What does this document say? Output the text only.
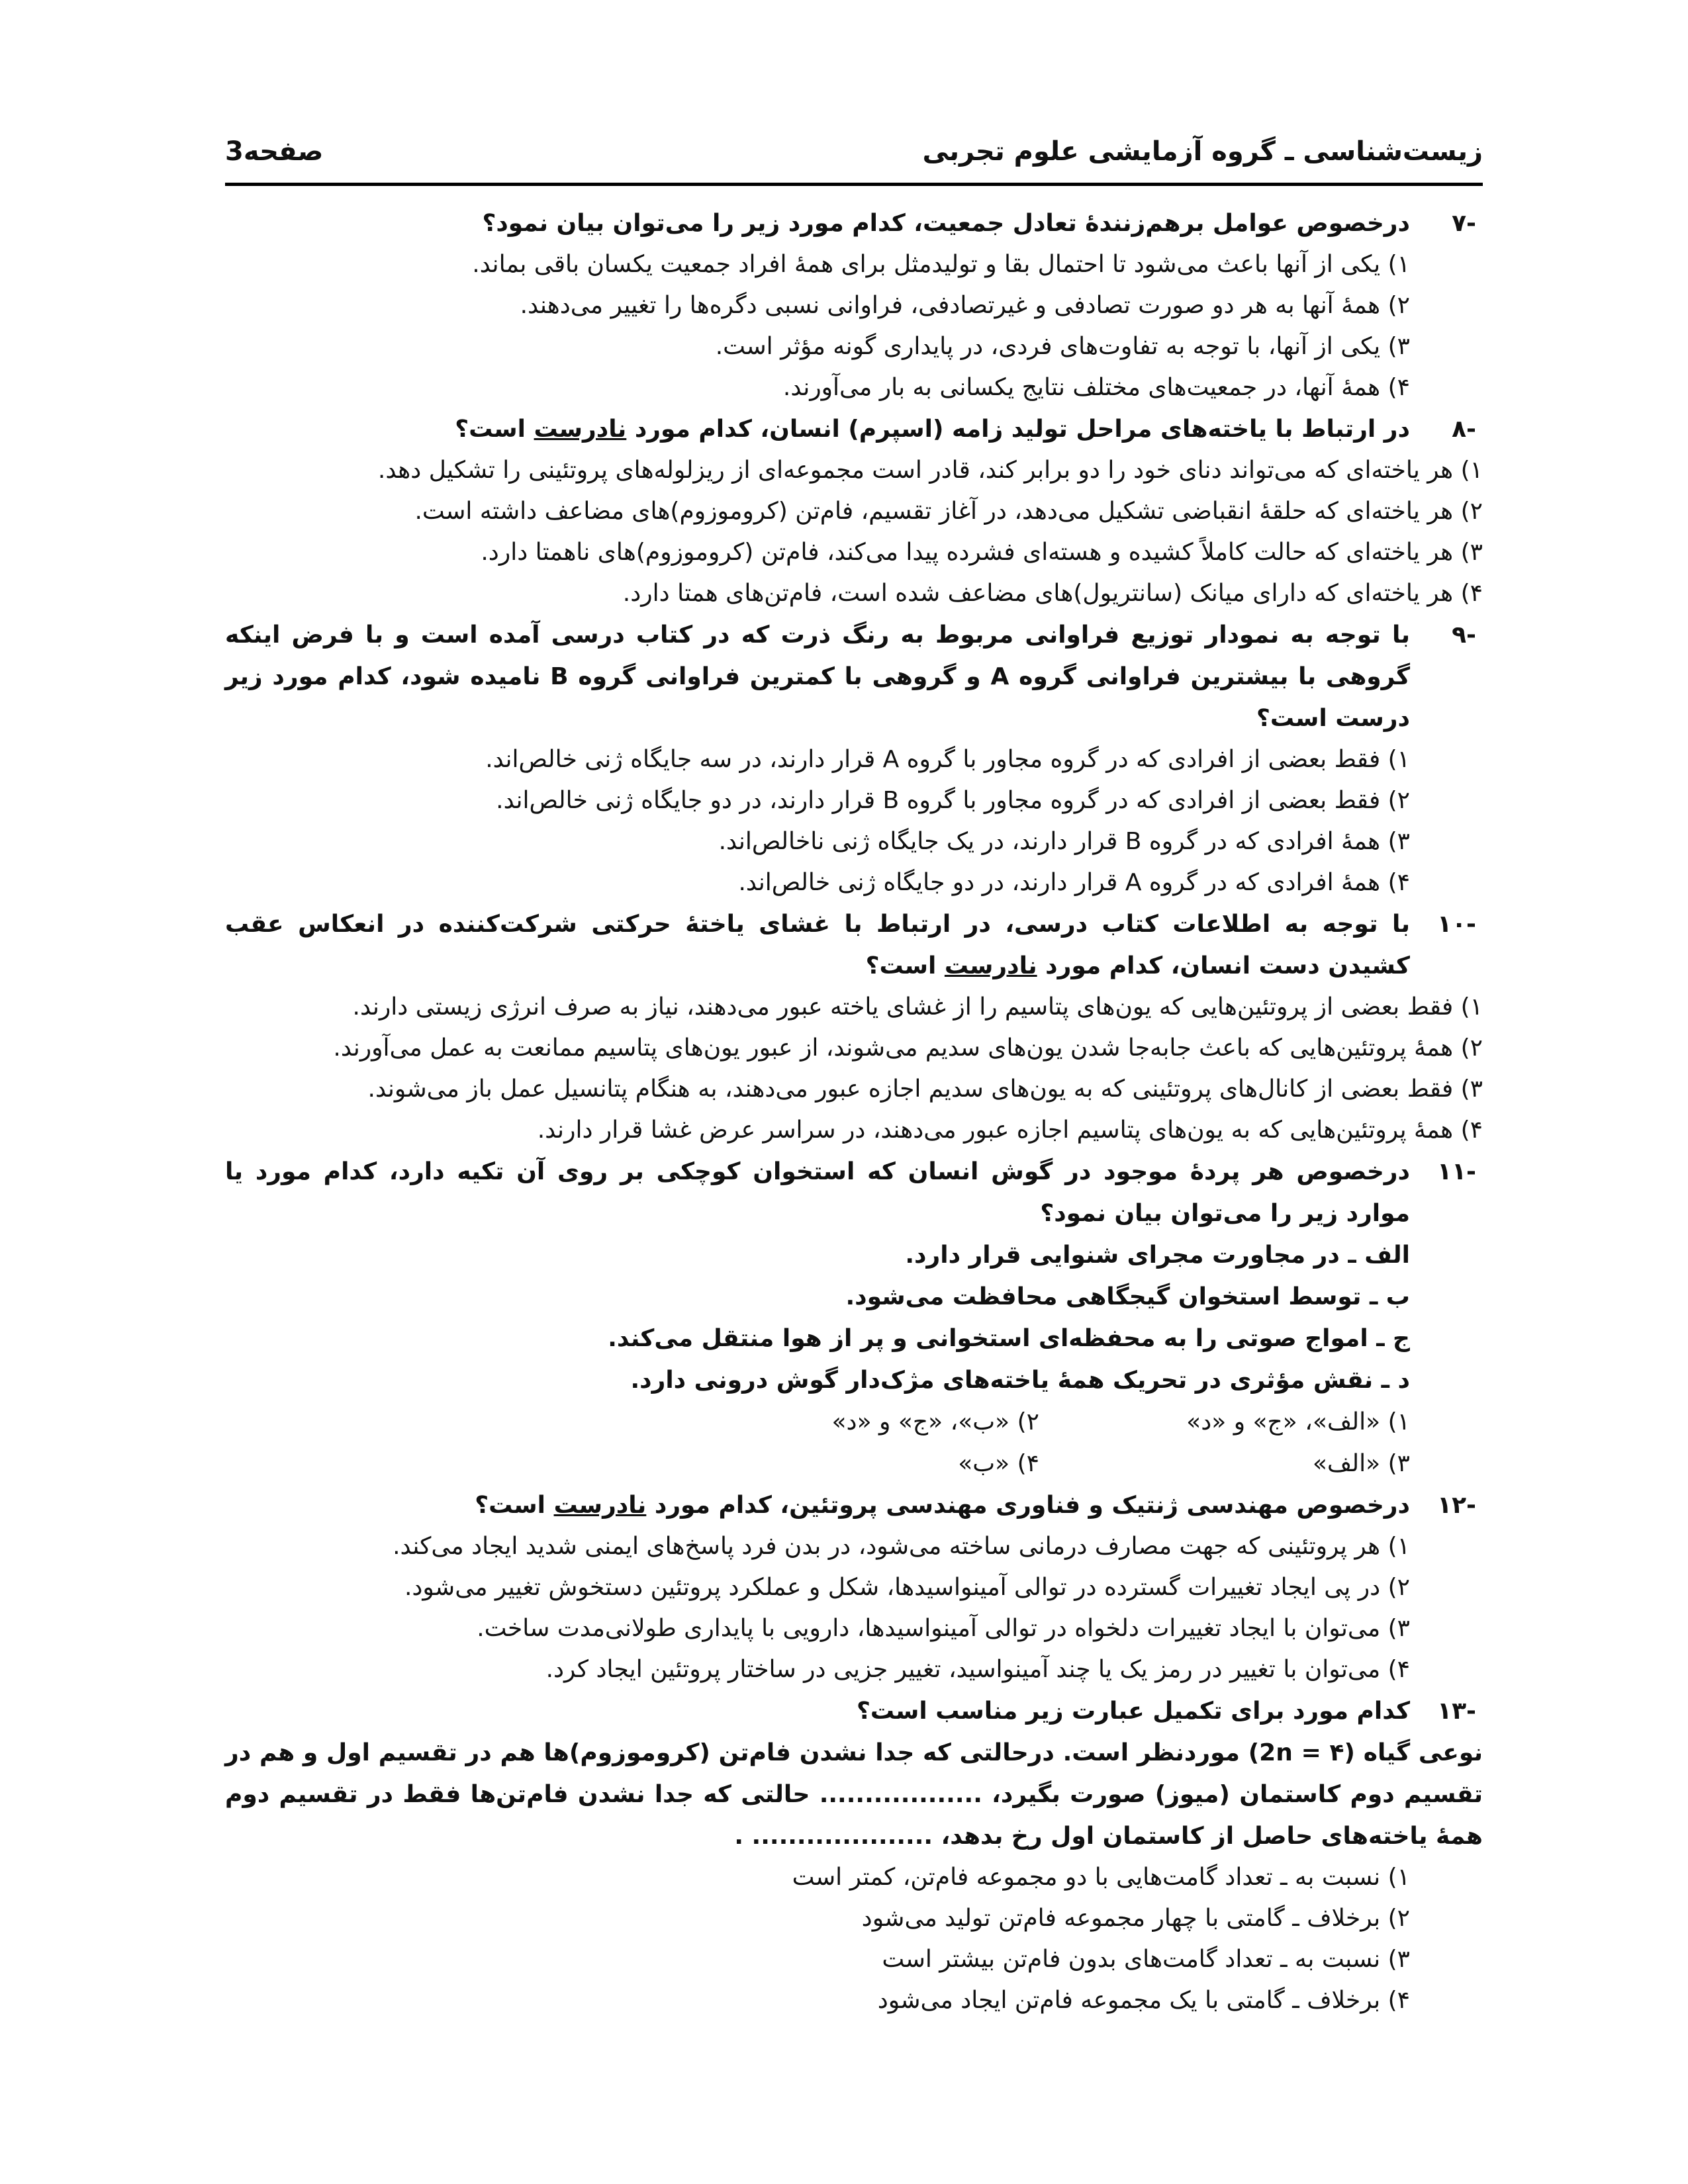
زیست‌شناسی ـ گروه آزمایشی علوم تجربی
صفحه3
-۷
درخصوص عوامل برهم‌زنندهٔ تعادل جمعیت، کدام مورد زیر را می‌توان بیان نمود؟
۱) یکی از آنها باعث می‌شود تا احتمال بقا و تولیدمثل برای همهٔ افراد جمعیت یکسان باقی بماند.
۲) همهٔ آنها به هر دو صورت تصادفی و غیرتصادفی، فراوانی نسبی دگره‌ها را تغییر می‌دهند.
۳) یکی از آنها، با توجه به تفاوت‌های فردی، در پایداری گونه مؤثر است.
۴) همهٔ آنها، در جمعیت‌های مختلف نتایج یکسانی به بار می‌آورند.
-۸
در ارتباط با یاخته‌های مراحل تولید زامه (اسپرم) انسان، کدام مورد نادرست است؟
۱) هر یاخته‌ای که می‌تواند دنای خود را دو برابر کند، قادر است مجموعه‌ای از ریزلوله‌های پروتئینی را تشکیل دهد.
۲) هر یاخته‌ای که حلقهٔ انقباضی تشکیل می‌دهد، در آغاز تقسیم، فام‌تن (کروموزوم)های مضاعف داشته است.
۳) هر یاخته‌ای که حالت کاملاً کشیده و هسته‌ای فشرده پیدا می‌کند، فام‌تن (کروموزوم)های ناهمتا دارد.
۴) هر یاخته‌ای که دارای میانک (سانتریول)های مضاعف شده است، فام‌تن‌های همتا دارد.
-۹
با توجه به نمودار توزیع فراوانی مربوط به رنگ ذرت که در کتاب درسی آمده است و با فرض اینکه گروهی با بیشترین فراوانی گروه A و گروهی با کمترین فراوانی گروه B نامیده شود، کدام مورد زیر درست است؟
۱) فقط بعضی از افرادی که در گروه مجاور با گروه A قرار دارند، در سه جایگاه ژنی خالص‌اند.
۲) فقط بعضی از افرادی که در گروه مجاور با گروه B قرار دارند، در دو جایگاه ژنی خالص‌اند.
۳) همهٔ افرادی که در گروه B قرار دارند، در یک جایگاه ژنی ناخالص‌اند.
۴) همهٔ افرادی که در گروه A قرار دارند، در دو جایگاه ژنی خالص‌اند.
-۱۰
با توجه به اطلاعات کتاب درسی، در ارتباط با غشای یاختهٔ حرکتی شرکت‌کننده در انعکاس عقب کشیدن دست انسان، کدام مورد نادرست است؟
۱) فقط بعضی از پروتئین‌هایی که یون‌های پتاسیم را از غشای یاخته عبور می‌دهند، نیاز به صرف انرژی زیستی دارند.
۲) همهٔ پروتئین‌هایی که باعث جابه‌جا شدن یون‌های سدیم می‌شوند، از عبور یون‌های پتاسیم ممانعت به عمل می‌آورند.
۳) فقط بعضی از کانال‌های پروتئینی که به یون‌های سدیم اجازه عبور می‌دهند، به هنگام پتانسیل عمل باز می‌شوند.
۴) همهٔ پروتئین‌هایی که به یون‌های پتاسیم اجازه عبور می‌دهند، در سراسر عرض غشا قرار دارند.
-۱۱
درخصوص هر پردهٔ موجود در گوش انسان که استخوان کوچکی بر روی آن تکیه دارد، کدام مورد یا موارد زیر را می‌توان بیان نمود؟
الف ـ در مجاورت مجرای شنوایی قرار دارد.
ب ـ توسط استخوان گیجگاهی محافظت می‌شود.
ج ـ امواج صوتی را به محفظه‌ای استخوانی و پر از هوا منتقل می‌کند.
د ـ نقش مؤثری در تحریک همهٔ یاخته‌های مژک‌دار گوش درونی دارد.
۱) «الف»، «ج» و «د»
۲) «ب»، «ج» و «د»
۳) «الف»
۴) «ب»
-۱۲
درخصوص مهندسی ژنتیک و فناوری مهندسی پروتئین، کدام مورد نادرست است؟
۱) هر پروتئینی که جهت مصارف درمانی ساخته می‌شود، در بدن فرد پاسخ‌های ایمنی شدید ایجاد می‌کند.
۲) در پی ایجاد تغییرات گسترده در توالی آمینواسیدها، شکل و عملکرد پروتئین دستخوش تغییر می‌شود.
۳) می‌توان با ایجاد تغییرات دلخواه در توالی آمینواسیدها، دارویی با پایداری طولانی‌مدت ساخت.
۴) می‌توان با تغییر در رمز یک یا چند آمینواسید، تغییر جزیی در ساختار پروتئین ایجاد کرد.
-۱۳
کدام مورد برای تکمیل عبارت زیر مناسب است؟
نوعی گیاه (۴ = 2n) موردنظر است. درحالتی که جدا نشدن فام‌تن (کروموزوم)ها هم در تقسیم اول و هم در تقسیم دوم کاستمان (میوز) صورت بگیرد، .................. حالتی که جدا نشدن فام‌تن‌ها فقط در تقسیم دوم همهٔ یاخته‌های حاصل از کاستمان اول رخ بدهد، .................... .
۱) نسبت به ـ تعداد گامت‌هایی با دو مجموعه فام‌تن، کمتر است
۲) برخلاف ـ گامتی با چهار مجموعه فام‌تن تولید می‌شود
۳) نسبت به ـ تعداد گامت‌های بدون فام‌تن بیشتر است
۴) برخلاف ـ گامتی با یک مجموعه فام‌تن ایجاد می‌شود
